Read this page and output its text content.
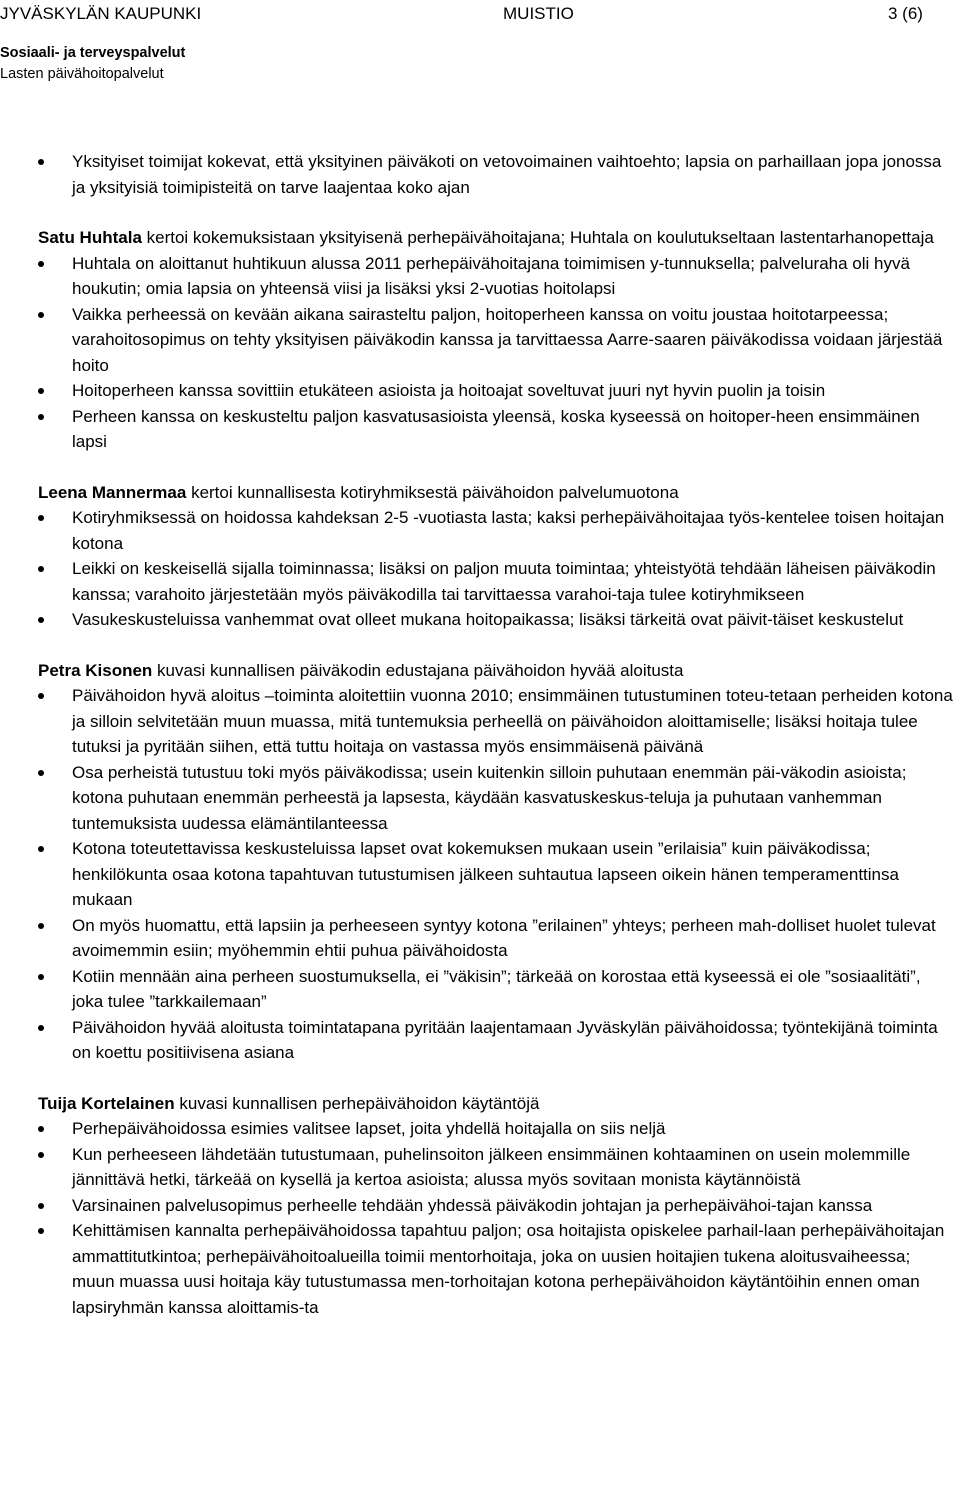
JYVÄSKYLÄN KAUPUNKI	MUISTIO	3 (6)
Sosiaali- ja terveyspalvelut
Lasten päivähoitopalvelut
Yksityiset toimijat kokevat, että yksityinen päiväkoti on vetovoimainen vaihtoehto; lapsia on parhaillaan jopa jonossa ja yksityisiä toimipisteitä on tarve laajentaa koko ajan

Satu Huhtala kertoi kokemuksistaan yksityisenä perhepäivähoitajana; Huhtala on koulutukseltaan lastentarhanopettaja

Huhtala on aloittanut huhtikuun alussa 2011 perhepäivähoitajana toimimisen y-tunnuksella; palveluraha oli hyvä houkutin; omia lapsia on yhteensä viisi ja lisäksi yksi 2-vuotias hoitolapsi
Vaikka perheessä on kevään aikana sairasteltu paljon, hoitoperheen kanssa on voitu joustaa hoitotarpeessa; varahoitosopimus on tehty yksityisen päiväkodin kanssa ja tarvittaessa Aarre-saaren päiväkodissa voidaan järjestää hoito
Hoitoperheen kanssa sovittiin etukäteen asioista ja hoitoajat soveltuvat juuri nyt hyvin puolin ja toisin
Perheen kanssa on keskusteltu paljon kasvatusasioista yleensä, koska kyseessä on hoitoper-heen ensimmäinen lapsi

Leena Mannermaa kertoi kunnallisesta kotiryhmiksestä päivähoidon palvelumuotona

Kotiryhmiksessä on hoidossa kahdeksan 2-5 -vuotiasta lasta; kaksi perhepäivähoitajaa työs-kentelee toisen hoitajan kotona
Leikki on keskeisellä sijalla toiminnassa; lisäksi on paljon muuta toimintaa; yhteistyötä tehdään läheisen päiväkodin kanssa; varahoito järjestetään myös päiväkodilla tai tarvittaessa varahoi-taja tulee kotiryhmikseen
Vasukeskusteluissa vanhemmat ovat olleet mukana hoitopaikassa; lisäksi tärkeitä ovat päivit-täiset keskustelut

Petra Kisonen kuvasi kunnallisen päiväkodin edustajana päivähoidon hyvää aloitusta

Päivähoidon hyvä aloitus –toiminta aloitettiin vuonna 2010; ensimmäinen tutustuminen toteu-tetaan perheiden kotona ja silloin selvitetään muun muassa, mitä tuntemuksia perheellä on päivähoidon aloittamiselle; lisäksi hoitaja tulee tutuksi ja pyritään siihen, että tuttu hoitaja on vastassa myös ensimmäisenä päivänä
Osa perheistä tutustuu toki myös päiväkodissa; usein kuitenkin silloin puhutaan enemmän päi-väkodin asioista; kotona puhutaan enemmän perheestä ja lapsesta, käydään kasvatuskeskus-teluja ja puhutaan vanhemman tuntemuksista uudessa elämäntilanteessa
Kotona toteutettavissa keskusteluissa lapset ovat kokemuksen mukaan usein ”erilaisia” kuin päiväkodissa; henkilökunta osaa kotona tapahtuvan tutustumisen jälkeen suhtautua lapseen oikein hänen temperamenttinsa mukaan
On myös huomattu, että lapsiin ja perheeseen syntyy kotona ”erilainen” yhteys; perheen mah-dolliset huolet tulevat avoimemmin esiin; myöhemmin ehtii puhua päivähoidosta
Kotiin mennään aina perheen suostumuksella, ei ”väkisin”; tärkeää on korostaa että kyseessä ei ole ”sosiaalitäti”, joka tulee ”tarkkailemaan”
Päivähoidon hyvää aloitusta toimintatapana pyritään laajentamaan Jyväskylän päivähoidossa; työntekijänä toiminta on koettu positiivisena asiana

Tuija Kortelainen kuvasi kunnallisen perhepäivähoidon käytäntöjä

Perhepäivähoidossa esimies valitsee lapset, joita yhdellä hoitajalla on siis neljä
Kun perheeseen lähdetään tutustumaan, puhelinsoiton jälkeen ensimmäinen kohtaaminen on usein molemmille jännittävä hetki, tärkeää on kysellä ja kertoa asioista; alussa myös sovitaan monista käytännöistä
Varsinainen palvelusopimus perheelle tehdään yhdessä päiväkodin johtajan ja perhepäivähoi-tajan kanssa
Kehittämisen kannalta perhepäivähoidossa tapahtuu paljon; osa hoitajista opiskelee parhail-laan perhepäivähoitajan ammattitutkintoa; perhepäivähoitoalueilla toimii mentorhoitaja, joka on uusien hoitajien tukena aloitusvaiheessa; muun muassa uusi hoitaja käy tutustumassa men-torhoitajan kotona perhepäivähoidon käytäntöihin ennen oman lapsiryhmän kanssa aloittamis-ta
